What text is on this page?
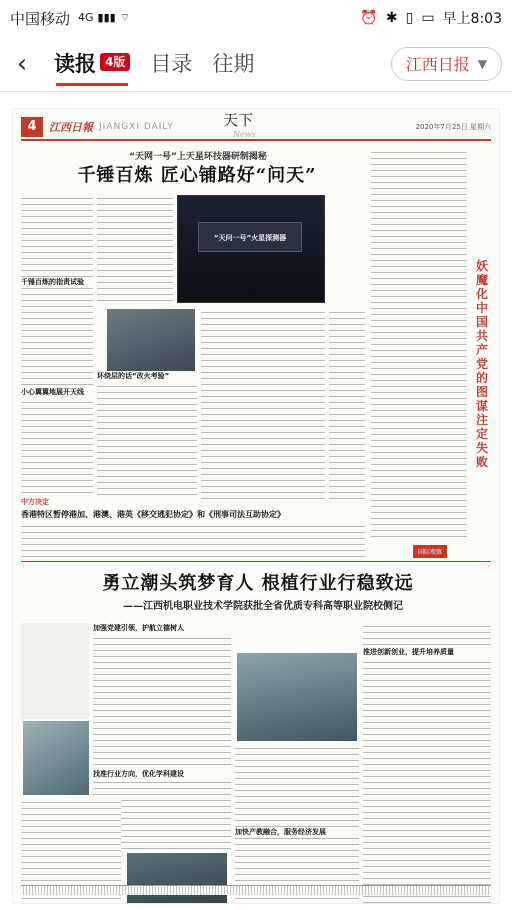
中国移动 4G ▮▮▮ ⌔	⏰ ✱ ▯ ▭ 早上8:03
‹	读报 4版	目录 往期	江西日报 ▼
4	江西日報 JIANGXI DAILY	2020年7月25日 星期六
天下
News
“天网一号”上天星环技器研制揭秘
千锤百炼 匠心铺路好“问天”
千锤百炼的指责试验
小心翼翼地展开天线
环绕层的话“改火考验”
“天问一号”火星探测器
中方决定
香港特区暂停港加、港澳、港英《移交逃犯协定》和《刑事司法互助协定》
妖魔化中国共产党的图谋注定失败
国际观察
勇立潮头筑梦育人 根植行业行稳致远
——江西机电职业技术学院获批全省优质专科高等职业院校侧记
加强党建引领，护航立德树人
找准行业方向，优化学科建设
加快产教融合，服务经济发展
推进创新创业，提升培养质量
